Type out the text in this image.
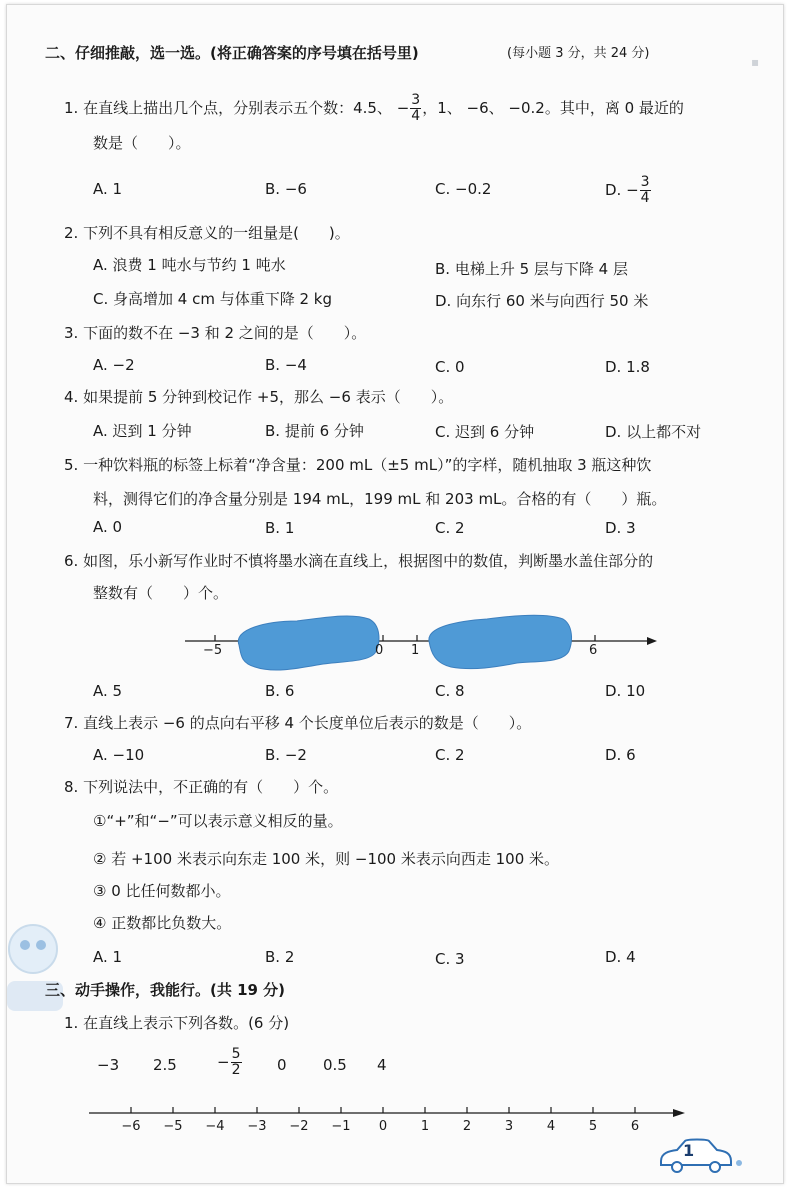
▪
二、仔细推敲，选一选。(将正确答案的序号填在括号里)	(每小题 3 分，共 24 分)
1. 在直线上描出几个点，分别表示五个数：4.5、 − $\frac{3}{4}$ ，1、 −6、 −0.2。其中，离 0 最近的
数是（　　）。
A. 1	B. −6	C. −0.2	D. − $\frac{3}{4}$
2. 下列不具有相反意义的一组量是(　　)。
A. 浪费 1 吨水与节约 1 吨水	B. 电梯上升 5 层与下降 4 层
C. 身高增加 4 cm 与体重下降 2 kg	D. 向东行 60 米与向西行 50 米
3. 下面的数不在 −3 和 2 之间的是（　　）。
A. −2	B. −4	C. 0	D. 1.8
4. 如果提前 5 分钟到校记作 +5，那么 −6 表示（　　）。
A. 迟到 1 分钟	B. 提前 6 分钟	C. 迟到 6 分钟	D. 以上都不对
5. 一种饮料瓶的标签上标着“净含量：200 mL（±5 mL）”的字样，随机抽取 3 瓶这种饮
料，测得它们的净含量分别是 194 mL，199 mL 和 203 mL。合格的有（　　）瓶。
A. 0	B. 1	C. 2	D. 3
6. 如图，乐小新写作业时不慎将墨水滴在直线上，根据图中的数值，判断墨水盖住部分的
整数有（　　）个。
−5	0 1	6
A. 5	B. 6	C. 8	D. 10
7. 直线上表示 −6 的点向右平移 4 个长度单位后表示的数是（　　）。
A. −10	B. −2	C. 2	D. 6
8. 下列说法中，不正确的有（　　）个。
①“+”和“−”可以表示意义相反的量。
② 若 +100 米表示向东走 100 米，则 −100 米表示向西走 100 米。
③ 0 比任何数都小。
④ 正数都比负数大。
A. 1	B. 2	C. 3	D. 4
三、动手操作，我能行。(共 19 分)
1. 在直线上表示下列各数。(6 分)
−3 2.5	− $\frac{5}{2} 0$ 0.5 4
−6 −5 −4 −3 −2 −1 0	1	2	3	4	5	6
1
